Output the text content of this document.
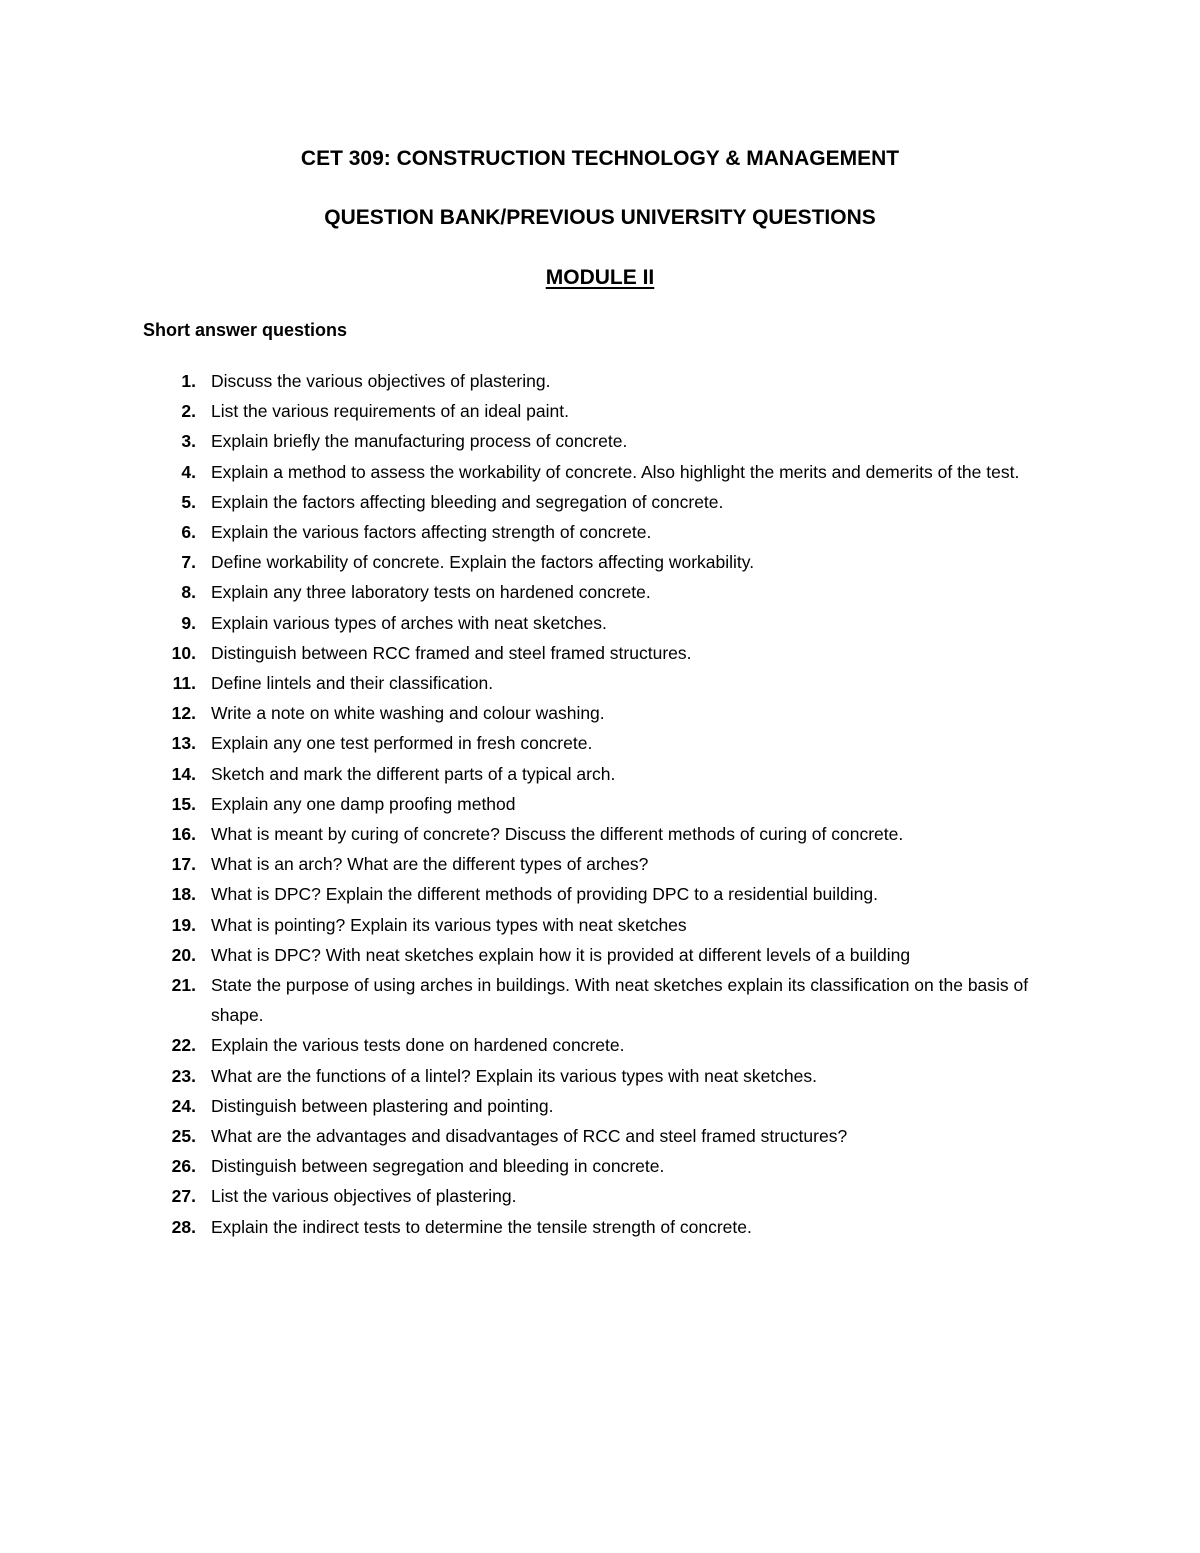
CET 309: CONSTRUCTION TECHNOLOGY & MANAGEMENT
QUESTION BANK/PREVIOUS UNIVERSITY QUESTIONS
MODULE II
Short answer questions
1. Discuss the various objectives of plastering.
2. List the various requirements of an ideal paint.
3. Explain briefly the manufacturing process of concrete.
4. Explain a method to assess the workability of concrete. Also highlight the merits and demerits of the test.
5. Explain the factors affecting bleeding and segregation of concrete.
6. Explain the various factors affecting strength of concrete.
7. Define workability of concrete. Explain the factors affecting workability.
8. Explain any three laboratory tests on hardened concrete.
9. Explain various types of arches with neat sketches.
10. Distinguish between RCC framed and steel framed structures.
11. Define lintels and their classification.
12. Write a note on white washing and colour washing.
13. Explain any one test performed in fresh concrete.
14. Sketch and mark the different parts of a typical arch.
15. Explain any one damp proofing method
16. What is meant by curing of concrete? Discuss the different methods of curing of concrete.
17. What is an arch? What are the different types of arches?
18. What is DPC? Explain the different methods of providing DPC to a residential building.
19. What is pointing? Explain its various types with neat sketches
20. What is DPC? With neat sketches explain how it is provided at different levels of a building
21. State the purpose of using arches in buildings. With neat sketches explain its classification on the basis of shape.
22. Explain the various tests done on hardened concrete.
23. What are the functions of a lintel? Explain its various types with neat sketches.
24. Distinguish between plastering and pointing.
25. What are the advantages and disadvantages of RCC and steel framed structures?
26. Distinguish between segregation and bleeding in concrete.
27. List the various objectives of plastering.
28. Explain the indirect tests to determine the tensile strength of concrete.
